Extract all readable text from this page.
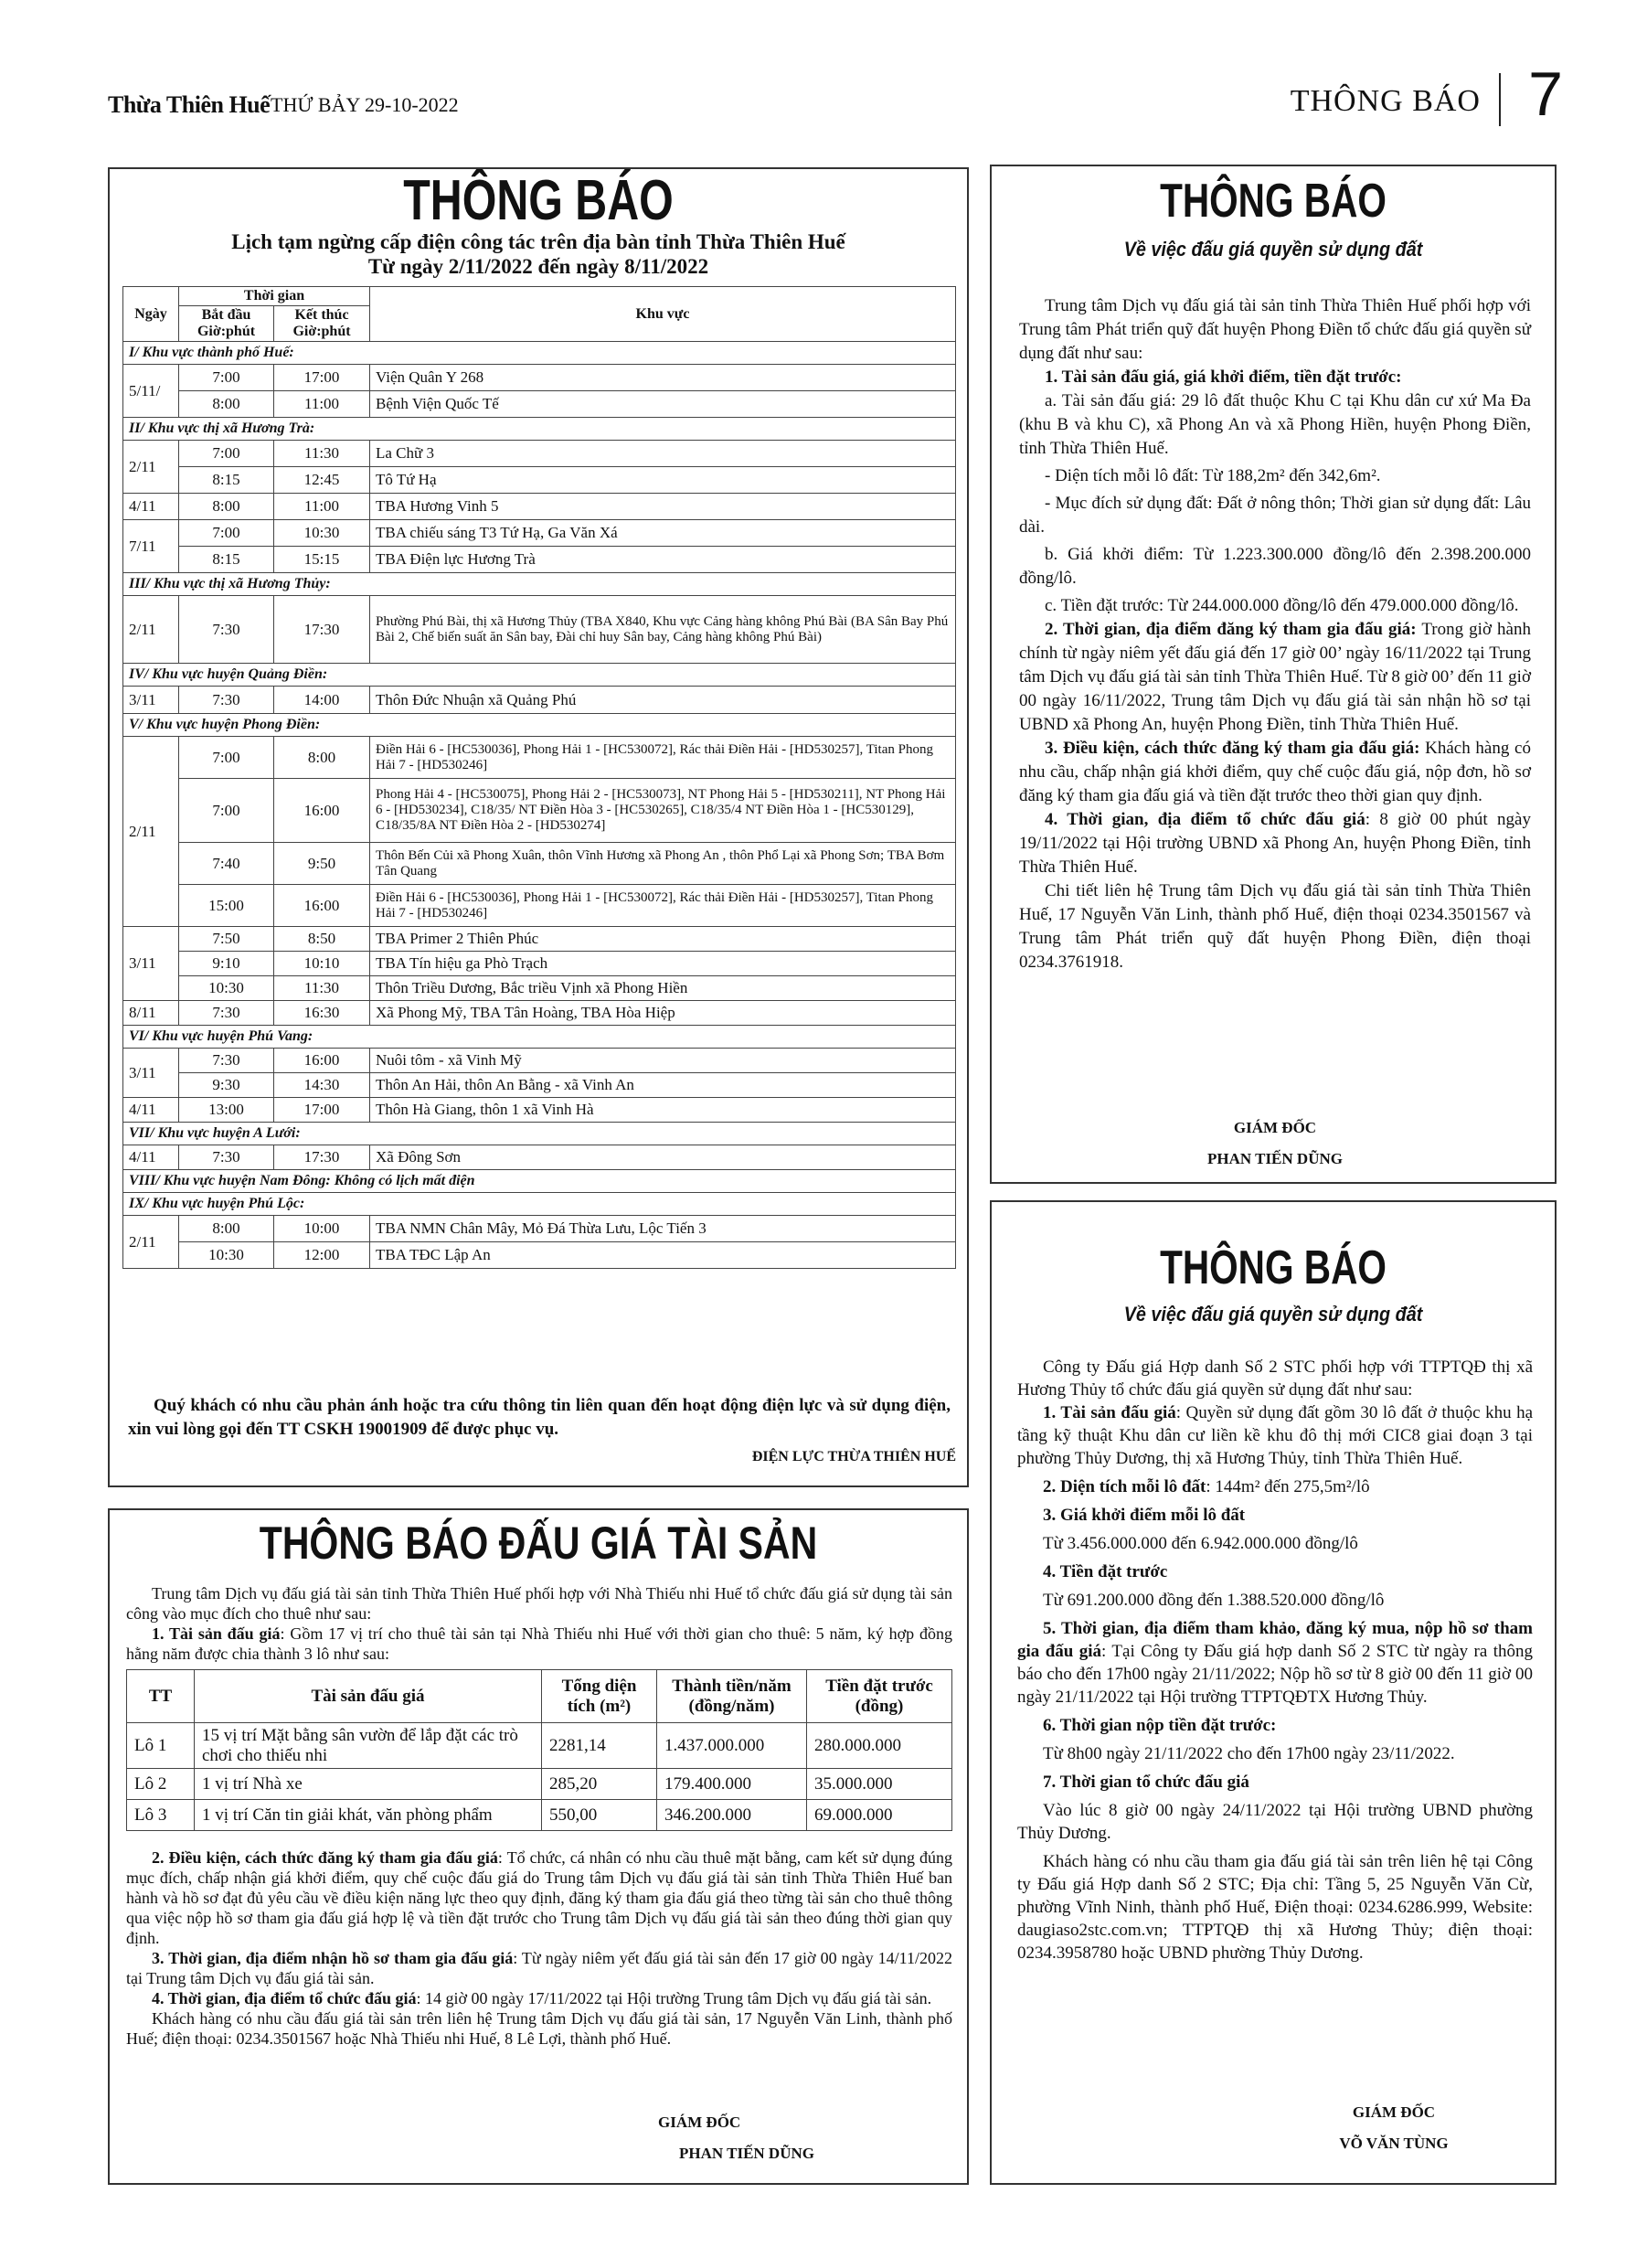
Thừa Thiên Huế THỨ BẢY 29-10-2022	THÔNG BÁO 7
THÔNG BÁO
Lịch tạm ngừng cấp điện công tác trên địa bàn tỉnh Thừa Thiên Huế
Từ ngày 2/11/2022 đến ngày 8/11/2022
Ngày	Thời gian		Khu vực
	Bắt đầu Giờ:phút	Kết thúc Giờ:phút	
I/ Khu vực thành phố Huế:			
5/11/	7:00	17:00	Viện Quân Y 268
	8:00	11:00	Bệnh Viện Quốc Tế
II/ Khu vực thị xã Hương Trà:			
2/11	7:00	11:30	La Chữ 3
	8:15	12:45	Tô Tứ Hạ
4/11	8:00	11:00	TBA Hương Vinh 5
7/11	7:00	10:30	TBA chiếu sáng T3 Tứ Hạ, Ga Văn Xá
	8:15	15:15	TBA Điện lực Hương Trà
III/ Khu vực thị xã Hương Thủy:			
2/11	7:30	17:30	Phường Phú Bài, thị xã Hương Thủy (TBA X840, Khu vực Cảng hàng không Phú Bài (BA Sân Bay Phú Bài 2, Chế biến suất ăn Sân bay, Đài chỉ huy Sân bay, Cảng hàng không Phú Bài)
IV/ Khu vực huyện Quảng Điền:			
3/11	7:30	14:00	Thôn Đức Nhuận xã Quảng Phú
V/ Khu vực huyện Phong Điền:			
2/11	7:00	8:00	Điền Hải 6 - [HC530036], Phong Hải 1 - [HC530072], Rác thải Điền Hải - [HD530257], Titan Phong Hải 7 - [HD530246]
	7:00	16:00	Phong Hải 4 - [HC530075], Phong Hải 2 - [HC530073], NT Phong Hải 5 - [HD530211], NT Phong Hải 6 - [HD530234], C18/35/ NT Điền Hòa 3 - [HC530265], C18/35/4 NT Điền Hòa 1 - [HC530129], C18/35/8A NT Điền Hòa 2 - [HD530274]
	7:40	9:50	Thôn Bến Củi xã Phong Xuân, thôn Vĩnh Hương xã Phong An , thôn Phổ Lại xã Phong Sơn; TBA Bơm Tân Quang
	15:00	16:00	Điền Hải 6 - [HC530036], Phong Hải 1 - [HC530072], Rác thải Điền Hải - [HD530257], Titan Phong Hải 7 - [HD530246]
3/11	7:50	8:50	TBA Primer 2 Thiên Phúc
	9:10	10:10	TBA Tín hiệu ga Phò Trạch
	10:30	11:30	Thôn Triều Dương, Bắc triều Vịnh xã Phong Hiền
8/11	7:30	16:30	Xã Phong Mỹ, TBA Tân Hoàng, TBA Hòa Hiệp
VI/ Khu vực huyện Phú Vang:			
3/11	7:30	16:00	Nuôi tôm - xã Vinh Mỹ
	9:30	14:30	Thôn An Hải, thôn An Bằng - xã Vinh An
4/11	13:00	17:00	Thôn Hà Giang, thôn 1 xã Vinh Hà
VII/ Khu vực huyện A Lưới:			
4/11	7:30	17:30	Xã Đông Sơn
VIII/ Khu vực huyện Nam Đông: Không có lịch mất điện			
IX/ Khu vực huyện Phú Lộc:			
2/11	8:00	10:00	TBA NMN Chân Mây, Mỏ Đá Thừa Lưu, Lộc Tiến 3
	10:30	12:00	TBA TĐC Lập An
Quý khách có nhu cầu phản ánh hoặc tra cứu thông tin liên quan đến hoạt động điện lực và sử dụng điện, xin vui lòng gọi đến TT CSKH 19001909 để được phục vụ.
ĐIỆN LỰC THỪA THIÊN HUẾ
THÔNG BÁO ĐẤU GIÁ TÀI SẢN

Trung tâm Dịch vụ đấu giá tài sản tỉnh Thừa Thiên Huế phối hợp với Nhà Thiếu nhi Huế tổ chức đấu giá sử dụng tài sản công vào mục đích cho thuê như sau:

1. Tài sản đấu giá: Gồm 17 vị trí cho thuê tài sản tại Nhà Thiếu nhi Huế với thời gian cho thuê: 5 năm, ký hợp đồng hằng năm được chia thành 3 lô như sau:

TT	Tài sản đấu giá	Tổng diện tích (m²)	Thành tiền/năm (đồng/năm)	Tiền đặt trước (đồng)
Lô 1	15 vị trí Mặt bằng sân vườn để lắp đặt các trò chơi cho thiếu nhi	2281,14	1.437.000.000	280.000.000
Lô 2	1 vị trí Nhà xe	285,20	179.400.000	35.000.000
Lô 3	1 vị trí Căn tin giải khát, văn phòng phẩm	550,00	346.200.000	69.000.000

2. Điều kiện, cách thức đăng ký tham gia đấu giá: Tổ chức, cá nhân có nhu cầu thuê mặt bằng, cam kết sử dụng đúng mục đích, chấp nhận giá khởi điểm, quy chế cuộc đấu giá do Trung tâm Dịch vụ đấu giá tài sản tỉnh Thừa Thiên Huế ban hành và hồ sơ đạt đủ yêu cầu về điều kiện năng lực theo quy định, đăng ký tham gia đấu giá theo từng tài sản cho thuê thông qua việc nộp hồ sơ tham gia đấu giá hợp lệ và tiền đặt trước cho Trung tâm Dịch vụ đấu giá tài sản theo đúng thời gian quy định.

3. Thời gian, địa điểm nhận hồ sơ tham gia đấu giá: Từ ngày niêm yết đấu giá tài sản đến 17 giờ 00 ngày 14/11/2022 tại Trung tâm Dịch vụ đấu giá tài sản.

4. Thời gian, địa điểm tổ chức đấu giá: 14 giờ 00 ngày 17/11/2022 tại Hội trường Trung tâm Dịch vụ đấu giá tài sản.

Khách hàng có nhu cầu đấu giá tài sản trên liên hệ Trung tâm Dịch vụ đấu giá tài sản, 17 Nguyễn Văn Linh, thành phố Huế; điện thoại: 0234.3501567 hoặc Nhà Thiếu nhi Huế, 8 Lê Lợi, thành phố Huế.

GIÁM ĐỐC
PHAN TIẾN DŨNG
THÔNG BÁO
Về việc đấu giá quyền sử dụng đất

Trung tâm Dịch vụ đấu giá tài sản tỉnh Thừa Thiên Huế phối hợp với Trung tâm Phát triển quỹ đất huyện Phong Điền tổ chức đấu giá quyền sử dụng đất như sau:

1. Tài sản đấu giá, giá khởi điểm, tiền đặt trước:

a. Tài sản đấu giá: 29 lô đất thuộc Khu C tại Khu dân cư xứ Ma Đa (khu B và khu C), xã Phong An và xã Phong Hiền, huyện Phong Điền, tỉnh Thừa Thiên Huế.

- Diện tích mỗi lô đất: Từ 188,2m² đến 342,6m².

- Mục đích sử dụng đất: Đất ở nông thôn; Thời gian sử dụng đất: Lâu dài.

b. Giá khởi điểm: Từ 1.223.300.000 đồng/lô đến 2.398.200.000 đồng/lô.

c. Tiền đặt trước: Từ 244.000.000 đồng/lô đến 479.000.000 đồng/lô.

2. Thời gian, địa điểm đăng ký tham gia đấu giá: Trong giờ hành chính từ ngày niêm yết đấu giá đến 17 giờ 00’ ngày 16/11/2022 tại Trung tâm Dịch vụ đấu giá tài sản tỉnh Thừa Thiên Huế. Từ 8 giờ 00’ đến 11 giờ 00 ngày 16/11/2022, Trung tâm Dịch vụ đấu giá tài sản nhận hồ sơ tại UBND xã Phong An, huyện Phong Điền, tỉnh Thừa Thiên Huế.

3. Điều kiện, cách thức đăng ký tham gia đấu giá: Khách hàng có nhu cầu, chấp nhận giá khởi điểm, quy chế cuộc đấu giá, nộp đơn, hồ sơ đăng ký tham gia đấu giá và tiền đặt trước theo thời gian quy định.

4. Thời gian, địa điểm tổ chức đấu giá: 8 giờ 00 phút ngày 19/11/2022 tại Hội trường UBND xã Phong An, huyện Phong Điền, tỉnh Thừa Thiên Huế.

Chi tiết liên hệ Trung tâm Dịch vụ đấu giá tài sản tỉnh Thừa Thiên Huế, 17 Nguyễn Văn Linh, thành phố Huế, điện thoại 0234.3501567 và Trung tâm Phát triển quỹ đất huyện Phong Điền, điện thoại 0234.3761918.

GIÁM ĐỐC
PHAN TIẾN DŨNG
THÔNG BÁO
Về việc đấu giá quyền sử dụng đất

Công ty Đấu giá Hợp danh Số 2 STC phối hợp với TTPTQĐ thị xã Hương Thủy tổ chức đấu giá quyền sử dụng đất như sau:

1. Tài sản đấu giá: Quyền sử dụng đất gồm 30 lô đất ở thuộc khu hạ tầng kỹ thuật Khu dân cư liền kề khu đô thị mới CIC8 giai đoạn 3 tại phường Thủy Dương, thị xã Hương Thủy, tỉnh Thừa Thiên Huế.

2. Diện tích mỗi lô đất: 144m² đến 275,5m²/lô

3. Giá khởi điểm mỗi lô đất

Từ 3.456.000.000 đến 6.942.000.000 đồng/lô

4. Tiền đặt trước

Từ 691.200.000 đồng đến 1.388.520.000 đồng/lô

5. Thời gian, địa điểm tham khảo, đăng ký mua, nộp hồ sơ tham gia đấu giá: Tại Công ty Đấu giá hợp danh Số 2 STC từ ngày ra thông báo cho đến 17h00 ngày 21/11/2022; Nộp hồ sơ từ 8 giờ 00 đến 11 giờ 00 ngày 21/11/2022 tại Hội trường TTPTQĐTX Hương Thủy.

6. Thời gian nộp tiền đặt trước:

Từ 8h00 ngày 21/11/2022 cho đến 17h00 ngày 23/11/2022.

7. Thời gian tổ chức đấu giá

Vào lúc 8 giờ 00 ngày 24/11/2022 tại Hội trường UBND phường Thủy Dương.

Khách hàng có nhu cầu tham gia đấu giá tài sản trên liên hệ tại Công ty Đấu giá Hợp danh Số 2 STC; Địa chỉ: Tầng 5, 25 Nguyễn Văn Cừ, phường Vĩnh Ninh, thành phố Huế, Điện thoại: 0234.6286.999, Website: daugiaso2stc.com.vn; TTPTQĐ thị xã Hương Thủy; điện thoại: 0234.3958780 hoặc UBND phường Thủy Dương.

GIÁM ĐỐC
VÕ VĂN TÙNG
